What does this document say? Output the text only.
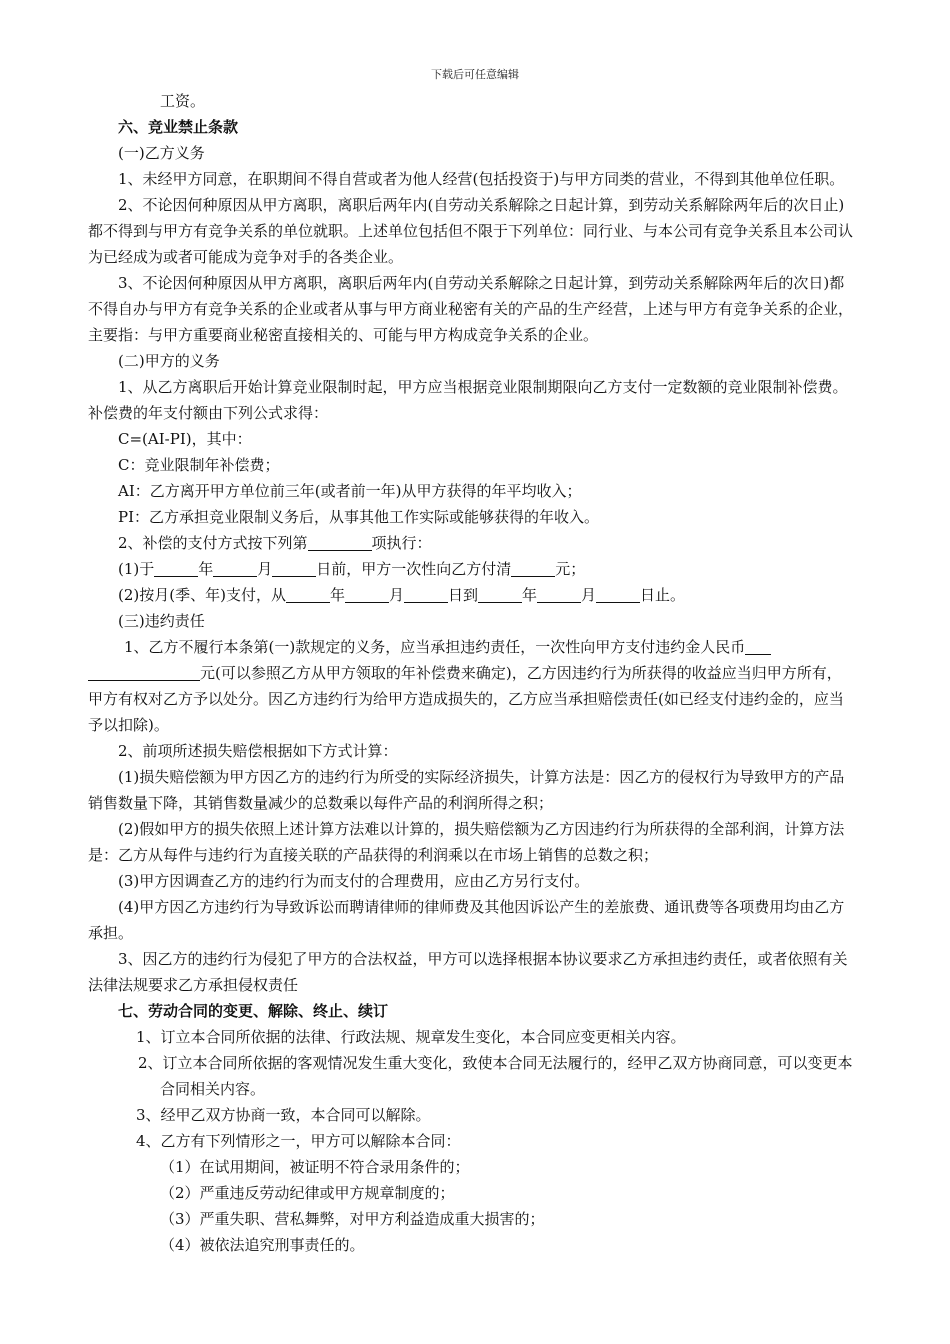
下载后可任意编辑

工资。

六、竞业禁止条款

(一)乙方义务

1、未经甲方同意，在职期间不得自营或者为他人经营(包括投资于)与甲方同类的营业，不得到其他单位任职。

2、不论因何种原因从甲方离职，离职后两年内(自劳动关系解除之日起计算，到劳动关系解除两年后的次日止)都不得到与甲方有竞争关系的单位就职。上述单位包括但不限于下列单位：同行业、与本公司有竞争关系且本公司认为已经成为或者可能成为竞争对手的各类企业。

3、不论因何种原因从甲方离职，离职后两年内(自劳动关系解除之日起计算，到劳动关系解除两年后的次日)都不得自办与甲方有竞争关系的企业或者从事与甲方商业秘密有关的产品的生产经营，上述与甲方有竞争关系的企业，主要指：与甲方重要商业秘密直接相关的、可能与甲方构成竞争关系的企业。

(二)甲方的义务

1、从乙方离职后开始计算竞业限制时起，甲方应当根据竞业限制期限向乙方支付一定数额的竞业限制补偿费。补偿费的年支付额由下列公式求得：

C=(AI-PI)，其中：

C：竞业限制年补偿费；

AI：乙方离开甲方单位前三年(或者前一年)从甲方获得的年平均收入；

PI：乙方承担竞业限制义务后，从事其他工作实际或能够获得的年收入。

2、补偿的支付方式按下列第	项执行：

(1)于	年	月	日前，甲方一次性向乙方付清	元；

(2)按月(季、年)支付，从	年	月	日到	年	月	日止。

(三)违约责任

1、乙方不履行本条第(一)款规定的义务，应当承担违约责任，一次性向甲方支付违约金人民币 元(可以参照乙方从甲方领取的年补偿费来确定)，乙方因违约行为所获得的收益应当归甲方所有，甲方有权对乙方予以处分。因乙方违约行为给甲方造成损失的，乙方应当承担赔偿责任(如已经支付违约金的，应当予以扣除)。

2、前项所述损失赔偿根据如下方式计算：

(1)损失赔偿额为甲方因乙方的违约行为所受的实际经济损失，计算方法是：因乙方的侵权行为导致甲方的产品销售数量下降，其销售数量减少的总数乘以每件产品的利润所得之积；

(2)假如甲方的损失依照上述计算方法难以计算的，损失赔偿额为乙方因违约行为所获得的全部利润，计算方法是：乙方从每件与违约行为直接关联的产品获得的利润乘以在市场上销售的总数之积；

(3)甲方因调查乙方的违约行为而支付的合理费用，应由乙方另行支付。

(4)甲方因乙方违约行为导致诉讼而聘请律师的律师费及其他因诉讼产生的差旅费、通讯费等各项费用均由乙方承担。

3、因乙方的违约行为侵犯了甲方的合法权益，甲方可以选择根据本协议要求乙方承担违约责任，或者依照有关法律法规要求乙方承担侵权责任

七、劳动合同的变更、解除、终止、续订

1、订立本合同所依据的法律、行政法规、规章发生变化，本合同应变更相关内容。

2、订立本合同所依据的客观情况发生重大变化，致使本合同无法履行的，经甲乙双方协商同意，可以变更本合同相关内容。

3、经甲乙双方协商一致，本合同可以解除。

4、乙方有下列情形之一，甲方可以解除本合同：

（1）在试用期间，被证明不符合录用条件的；

（2）严重违反劳动纪律或甲方规章制度的；

（3）严重失职、营私舞弊，对甲方利益造成重大损害的；

（4）被依法追究刑事责任的。
